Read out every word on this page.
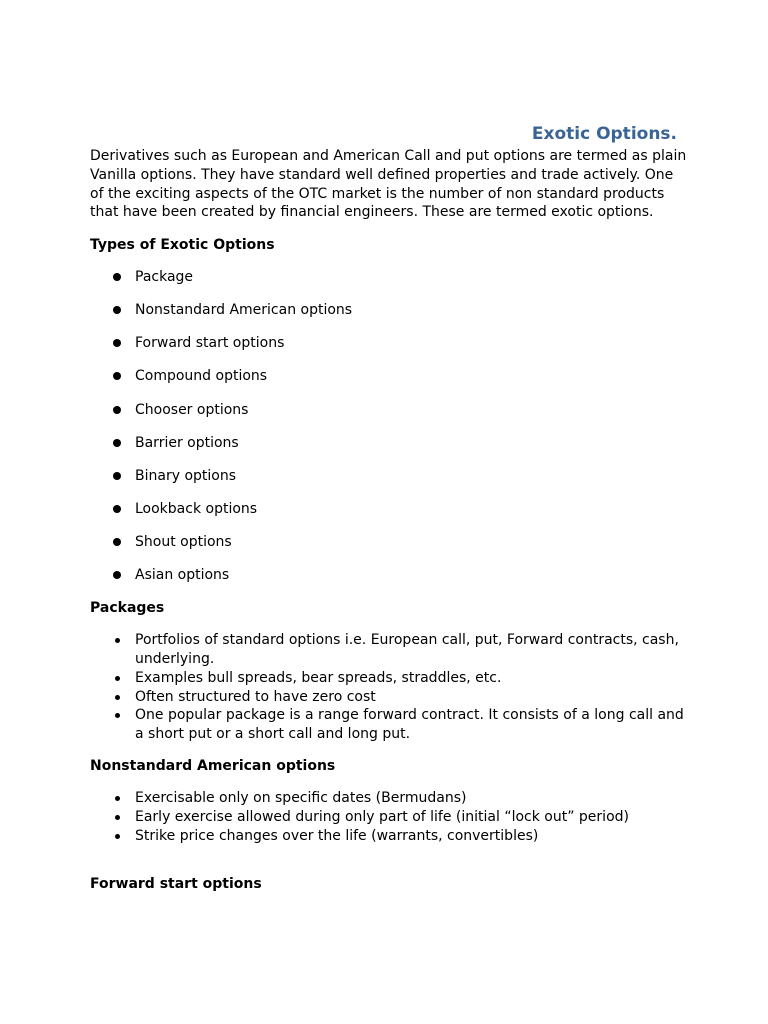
Exotic Options.

Derivatives such as European and American Call and put options are termed as plain Vanilla options. They have standard well defined properties and trade actively. One of the exciting aspects of the OTC market is the number of non standard products that have been created by financial engineers. These are termed exotic options.

Types of Exotic Options

Package
Nonstandard American options
Forward start options
Compound options
Chooser options
Barrier options
Binary options
Lookback options
Shout options
Asian options

Packages

Portfolios of standard options i.e. European call, put, Forward contracts, cash, underlying.
Examples bull spreads, bear spreads, straddles, etc.
Often structured to have zero cost
One popular package is a range forward contract. It consists of a long call and a short put or a short call and long put.

Nonstandard American options

Exercisable only on specific dates (Bermudans)
Early exercise allowed during only part of life (initial “lock out” period)
Strike price changes over the life (warrants, convertibles)

Forward start options
